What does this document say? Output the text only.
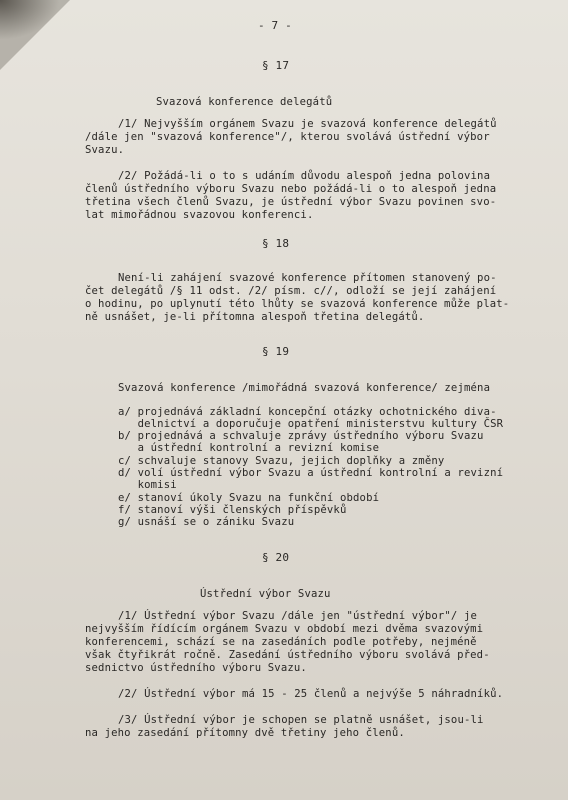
- 7 -

§ 17

Svazová konference delegátů

/1/ Nejvyšším orgánem Svazu je svazová konference delegátů

/dále jen "svazová konference"/, kterou svolává ústřední výbor

Svazu.

/2/ Požádá-li o to s udáním důvodu alespoň jedna polovina

členů ústředního výboru Svazu nebo požádá-li o to alespoň jedna

třetina všech členů Svazu, je ústřední výbor Svazu povinen svo-

lat mimořádnou svazovou konferenci.

§ 18

Není-li zahájení svazové konference přítomen stanovený po-

čet delegátů /§ 11 odst. /2/ písm. c//, odloží se její zahájení

o hodinu, po uplynutí této lhůty se svazová konference může plat-

ně usnášet, je-li přítomna alespoň třetina delegátů.

§ 19

Svazová konference /mimořádná svazová konference/ zejména

a/ projednává základní koncepční otázky ochotnického diva-

delnictví a doporučuje opatření ministerstvu kultury ČSR

b/ projednává a schvaluje zprávy ústředního výboru Svazu

a ústřední kontrolní a revizní komise

c/ schvaluje stanovy Svazu, jejich doplňky a změny

d/ volí ústřední výbor Svazu a ústřední kontrolní a revizní

komisi

e/ stanoví úkoly Svazu na funkční období

f/ stanoví výši členských příspěvků

g/ usnáší se o zániku Svazu

§ 20

Ústřední výbor Svazu

/1/ Ústřední výbor Svazu /dále jen "ústřední výbor"/ je

nejvyšším řídícím orgánem Svazu v období mezi dvěma svazovými

konferencemi, schází se na zasedáních podle potřeby, nejméně

však čtyřikrát ročně. Zasedání ústředního výboru svolává před-

sednictvo ústředního výboru Svazu.

/2/ Ústřední výbor má 15 - 25 členů a nejvýše 5 náhradníků.

/3/ Ústřední výbor je schopen se platně usnášet, jsou-li

na jeho zasedání přítomny dvě třetiny jeho členů.
